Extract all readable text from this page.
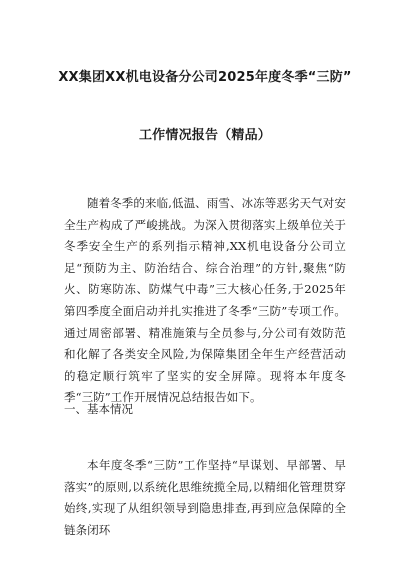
XX集团XX机电设备分公司2025年度冬季“三防”
工作情况报告（精品）

随着冬季的来临,低温、雨雪、冰冻等恶劣天气对安全生产构成了严峻挑战。为深入贯彻落实上级单位关于冬季安全生产的系列指示精神,XX机电设备分公司立足“预防为主、防治结合、综合治理”的方针,聚焦“防火、防寒防冻、防煤气中毒”三大核心任务,于2025年第四季度全面启动并扎实推进了冬季“三防”专项工作。通过周密部署、精准施策与全员参与,分公司有效防范和化解了各类安全风险,为保障集团全年生产经营活动的稳定顺行筑牢了坚实的安全屏障。现将本年度冬季“三防”工作开展情况总结报告如下。

一、基本情况

本年度冬季“三防”工作坚持“早谋划、早部署、早落实”的原则,以系统化思维统揽全局,以精细化管理贯穿始终,实现了从组织领导到隐患排查,再到应急保障的全链条闭环
